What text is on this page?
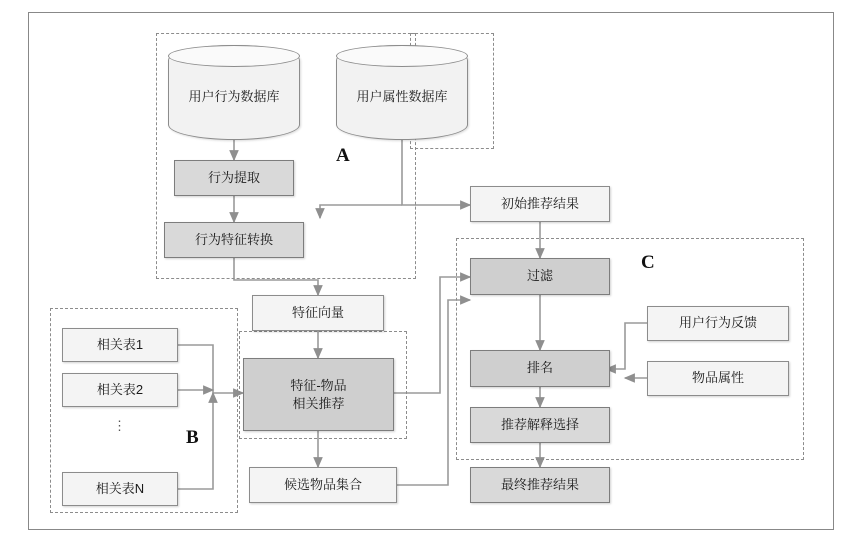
A
B
C
用户行为数据库	用户属性数据库
行为提取
行为特征转换
特征向量
相关表1
相关表2
⋮
相关表N
特征-物品
相关推荐
候选物品集合
初始推荐结果
过滤
排名
推荐解释选择
最终推荐结果
用户行为反馈
物品属性
